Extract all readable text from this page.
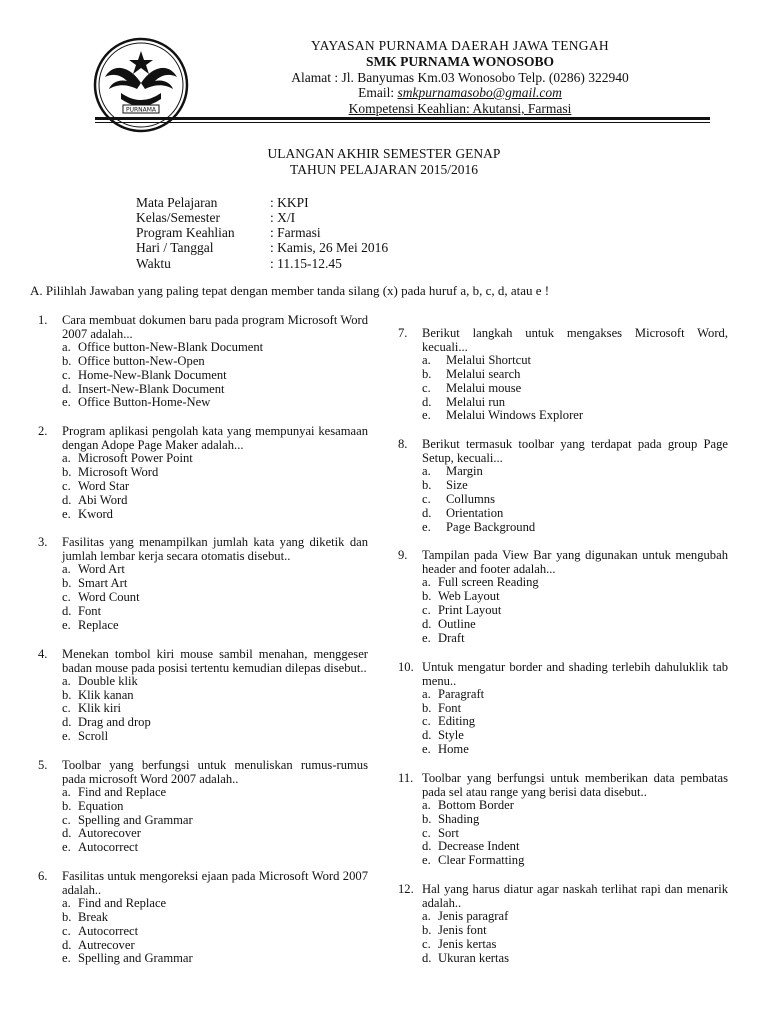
PURNAMA
YAYASAN PURNAMA DAERAH JAWA TENGAH
SMK PURNAMA WONOSOBO
Alamat : Jl. Banyumas Km.03 Wonosobo Telp. (0286) 322940
Email: smkpurnamasobo@gmail.com
Kompetensi Keahlian: Akutansi, Farmasi
ULANGAN AKHIR SEMESTER GENAP
TAHUN PELAJARAN 2015/2016
Mata Pelajaran	: KKPI
Kelas/Semester	: X/I
Program Keahlian	: Farmasi
Hari / Tanggal	: Kamis, 26 Mei 2016
Waktu	: 11.15-12.45
A. Pilihlah Jawaban yang paling tepat dengan member tanda silang (x) pada huruf a, b, c, d, atau e !
1.	Cara membuat dokumen baru pada program Microsoft Word 2007 adalah...
a. Office button-New-Blank Document
b. Office button-New-Open
c. Home-New-Blank Document
d. Insert-New-Blank Document
e. Office Button-Home-New
2.	Program aplikasi pengolah kata yang mempunyai kesamaan dengan Adope Page Maker adalah...
a. Microsoft Power Point
b. Microsoft Word
c. Word Star
d. Abi Word
e. Kword
3.	Fasilitas yang menampilkan jumlah kata yang diketik dan jumlah lembar kerja secara otomatis disebut..
a. Word Art
b. Smart Art
c. Word Count
d. Font
e. Replace
4.	Menekan tombol kiri mouse sambil menahan, menggeser badan mouse pada posisi tertentu kemudian dilepas disebut..
a. Double klik
b. Klik kanan
c. Klik kiri
d. Drag and drop
e. Scroll
5.	Toolbar yang berfungsi untuk menuliskan rumus-rumus pada microsoft Word 2007 adalah..
a. Find and Replace
b. Equation
c. Spelling and Grammar
d. Autorecover
e. Autocorrect
6.	Fasilitas untuk mengoreksi ejaan pada Microsoft Word 2007 adalah..
a. Find and Replace
b. Break
c. Autocorrect
d. Autrecover
e. Spelling and Grammar
7.	Berikut langkah untuk mengakses Microsoft Word, kecuali...
a.	Melalui Shortcut
b.	Melalui search
c.	Melalui mouse
d.	Melalui run
e.	Melalui Windows Explorer
8.	Berikut termasuk toolbar yang terdapat pada group Page Setup, kecuali...
a.	Margin
b.	Size
c.	Collumns
d.	Orientation
e.	Page Background
9.	Tampilan pada View Bar yang digunakan untuk mengubah header and footer adalah...
a. Full screen Reading
b. Web Layout
c. Print Layout
d. Outline
e. Draft
10. Untuk mengatur border and shading terlebih dahuluklik tab menu..
a. Paragraft
b. Font
c. Editing
d. Style
e. Home
11. Toolbar yang berfungsi untuk memberikan data pembatas pada sel atau range yang berisi data disebut..
a. Bottom Border
b. Shading
c. Sort
d. Decrease Indent
e. Clear Formatting
12. Hal yang harus diatur agar naskah terlihat rapi dan menarik adalah..
a. Jenis paragraf
b. Jenis font
c. Jenis kertas
d. Ukuran kertas
